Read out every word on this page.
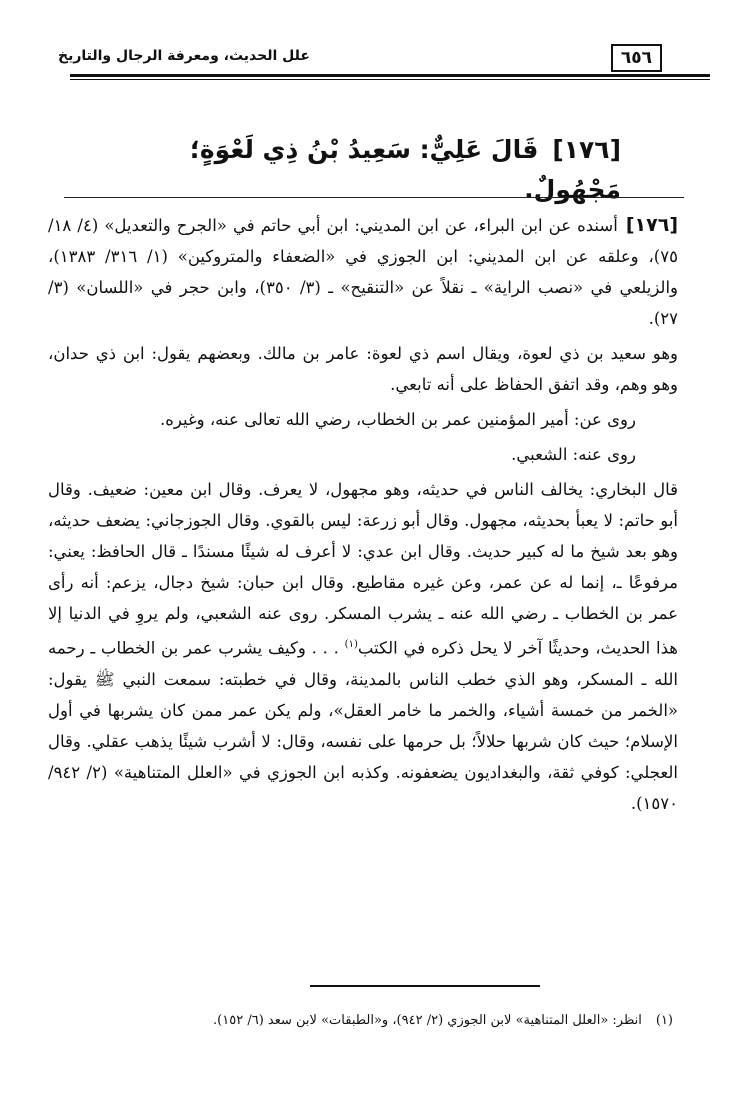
٦٥٦
علل الحديث، ومعرفة الرجال والتاريخ
[١٧٦]قَالَ عَلِيٌّ: سَعِيدُ بْنُ ذِي لَعْوَةٍ؛ مَجْهُولٌ.

[١٧٦]أسنده عن ابن البراء، عن ابن المديني: ابن أبي حاتم في «الجرح والتعديل» (٤/ ١٨/ ٧٥)، وعلقه عن ابن المديني: ابن الجوزي في «الضعفاء والمتروكين» (١/ ٣١٦/ ١٣٨٣)، والزيلعي في «نصب الراية» ـ نقلاً عن «التنقيح» ـ (٣/ ٣٥٠)، وابن حجر في «اللسان» (٣/ ٢٧).

وهو سعيد بن ذي لعوة، ويقال اسم ذي لعوة: عامر بن مالك. وبعضهم يقول: ابن ذي حدان، وهو وهم، وقد اتفق الحفاظ على أنه تابعي.

روى عن: أمير المؤمنين عمر بن الخطاب، رضي الله تعالى عنه، وغيره.

روى عنه: الشعبي.

قال البخاري: يخالف الناس في حديثه، وهو مجهول، لا يعرف. وقال ابن معين: ضعيف. وقال أبو حاتم: لا يعبأ بحديثه، مجهول. وقال أبو زرعة: ليس بالقوي. وقال الجوزجاني: يضعف حديثه، وهو بعد شيخ ما له كبير حديث. وقال ابن عدي: لا أعرف له شيئًا مسندًا ـ قال الحافظ: يعني: مرفوعًا ـ، إنما له عن عمر، وعن غيره مقاطيع. وقال ابن حبان: شيخ دجال، يزعم: أنه رأى عمر بن الخطاب ـ رضي الله عنه ـ يشرب المسكر. روى عنه الشعبي، ولم يروِ في الدنيا إلا هذا الحديث، وحديثًا آخر لا يحل ذكره في الكتب$^{(١)}$ . . . وكيف يشرب عمر بن الخطاب ـ رحمه الله ـ المسكر، وهو الذي خطب الناس بالمدينة، وقال في خطبته: سمعت النبي ﷺ يقول: «الخمر من خمسة أشياء، والخمر ما خامر العقل»، ولم يكن عمر ممن كان يشربها في أول الإسلام؛ حيث كان شربها حلالاً؛ بل حرمها على نفسه، وقال: لا أشرب شيئًا يذهب عقلي. وقال العجلي: كوفي ثقة، والبغداديون يضعفونه. وكذبه ابن الجوزي في «العلل المتناهية» (٢/ ٩٤٢/ ١٥٧٠).

(١)انظر: «العلل المتناهية» لابن الجوزي (٢/ ٩٤٢)، و«الطبقات» لابن سعد (٦/ ١٥٢).
